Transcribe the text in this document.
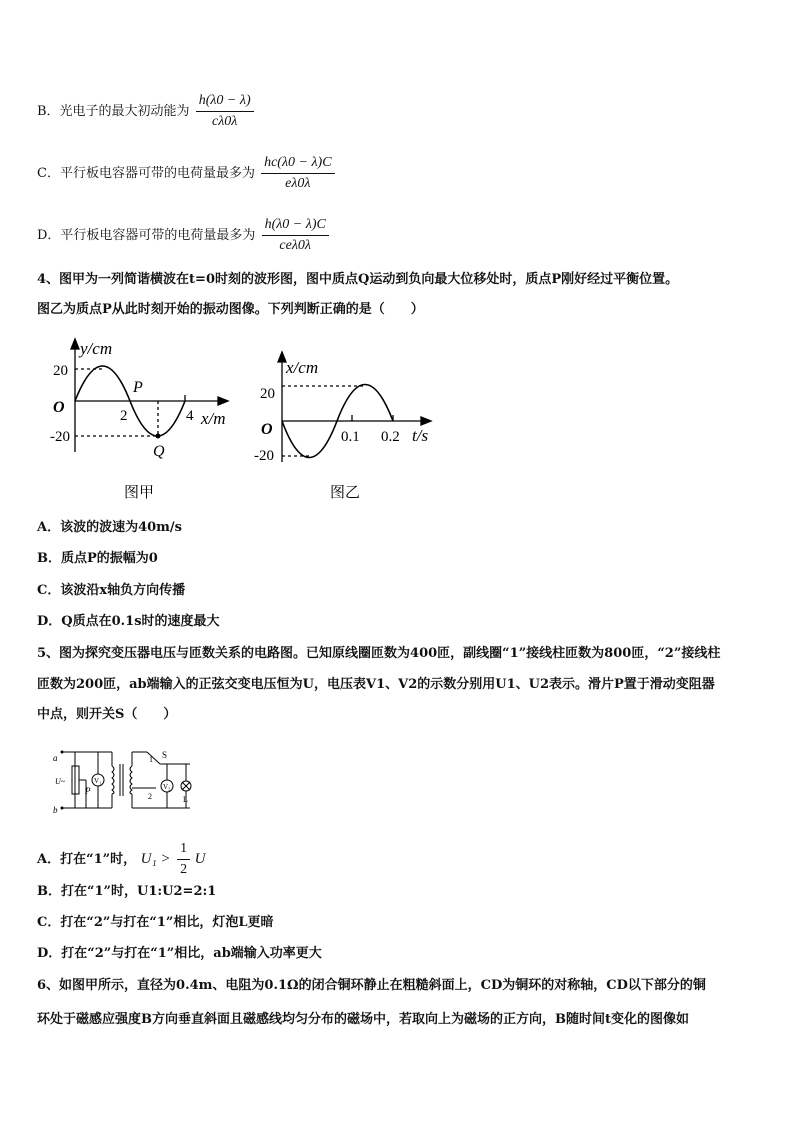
B．光电子的最大初动能为 $\frac{h(\lambda 0 - \lambda)}{c\lambda 0\lambda}$
C．平行板电容器可带的电荷量最多为 $\frac{hc(\lambda 0 - \lambda)C}{e\lambda 0\lambda}$
D．平行板电容器可带的电荷量最多为 $\frac{h(\lambda 0 - \lambda)C}{\text{ceλ0λ}}$
4、图甲为一列简谐横波在t=0时刻的波形图，图中质点Q运动到负向最大位移处时，质点P刚好经过平衡位置。
图乙为质点P从此时刻开始的振动图像。下列判断正确的是（　　）
y/cm
20
O
-20
P
2	4 x/m
Q
图甲
x/cm
20
O
-20
0.1 0.2 t/s
图乙
A．该波的波速为40m/s
B．质点P的振幅为0
C．该波沿x轴负方向传播
D．Q质点在0.1s时的速度最大
5、图为探究变压器电压与匝数关系的电路图。已知原线圈匝数为400匝，副线圈“1”接线柱匝数为800匝，“2”接线柱
匝数为200匝，ab端输入的正弦交变电压恒为U，电压表V1、V2的示数分别用U1、U2表示。滑片P置于滑动变阻器
中点，则开关S（　　）
a
b
U~
P
V₁
V₂
S
1
2	L
A．打在“1”时， $U_1 > \frac{1}{2}$ U
B．打在“1”时，U1:U2=2:1
C．打在“2”与打在“1”相比，灯泡L更暗
D．打在“2”与打在“1”相比，ab端输入功率更大
6、如图甲所示，直径为0.4m、电阻为0.1Ω的闭合铜环静止在粗糙斜面上，CD为铜环的对称轴，CD以下部分的铜
环处于磁感应强度B方向垂直斜面且磁感线均匀分布的磁场中，若取向上为磁场的正方向，B随时间t变化的图像如
